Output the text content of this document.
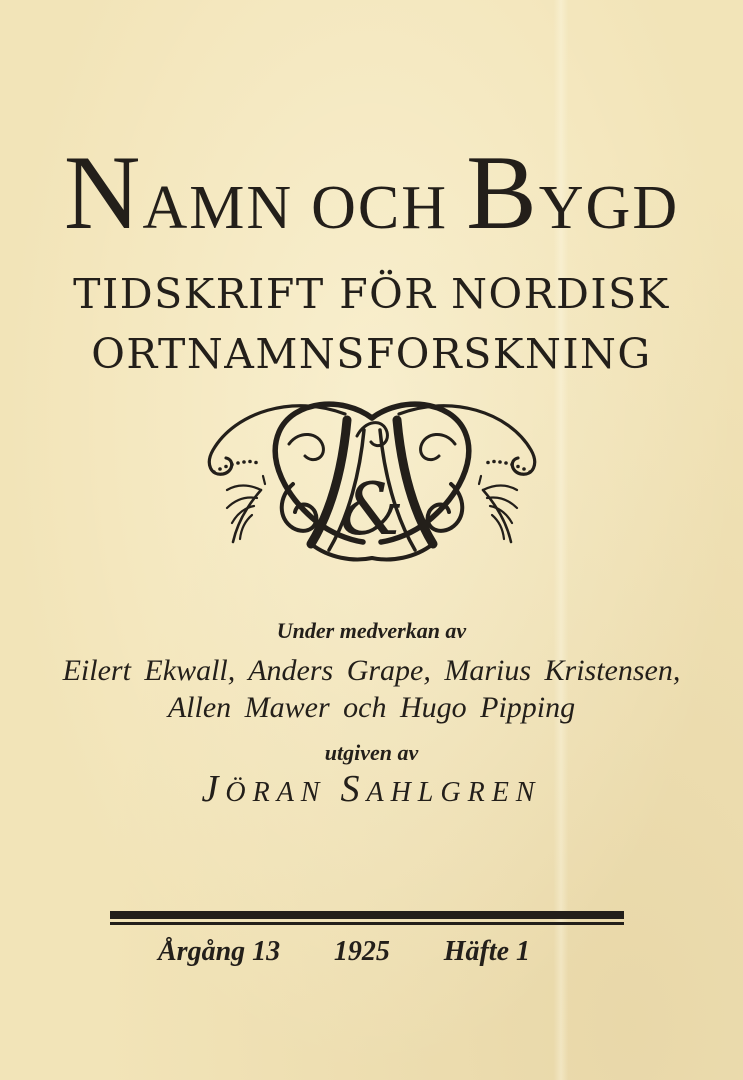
NAMN OCH BYGD
TIDSKRIFT FÖR NORDISK
ORTNAMNSFORSKNING
&
Under medverkan av
Eilert Ekwall, Anders Grape, Marius Kristensen,
Allen Mawer och Hugo Pipping
utgiven av
JÖRAN SAHLGREN
Årgång 13 1925 Häfte 1
